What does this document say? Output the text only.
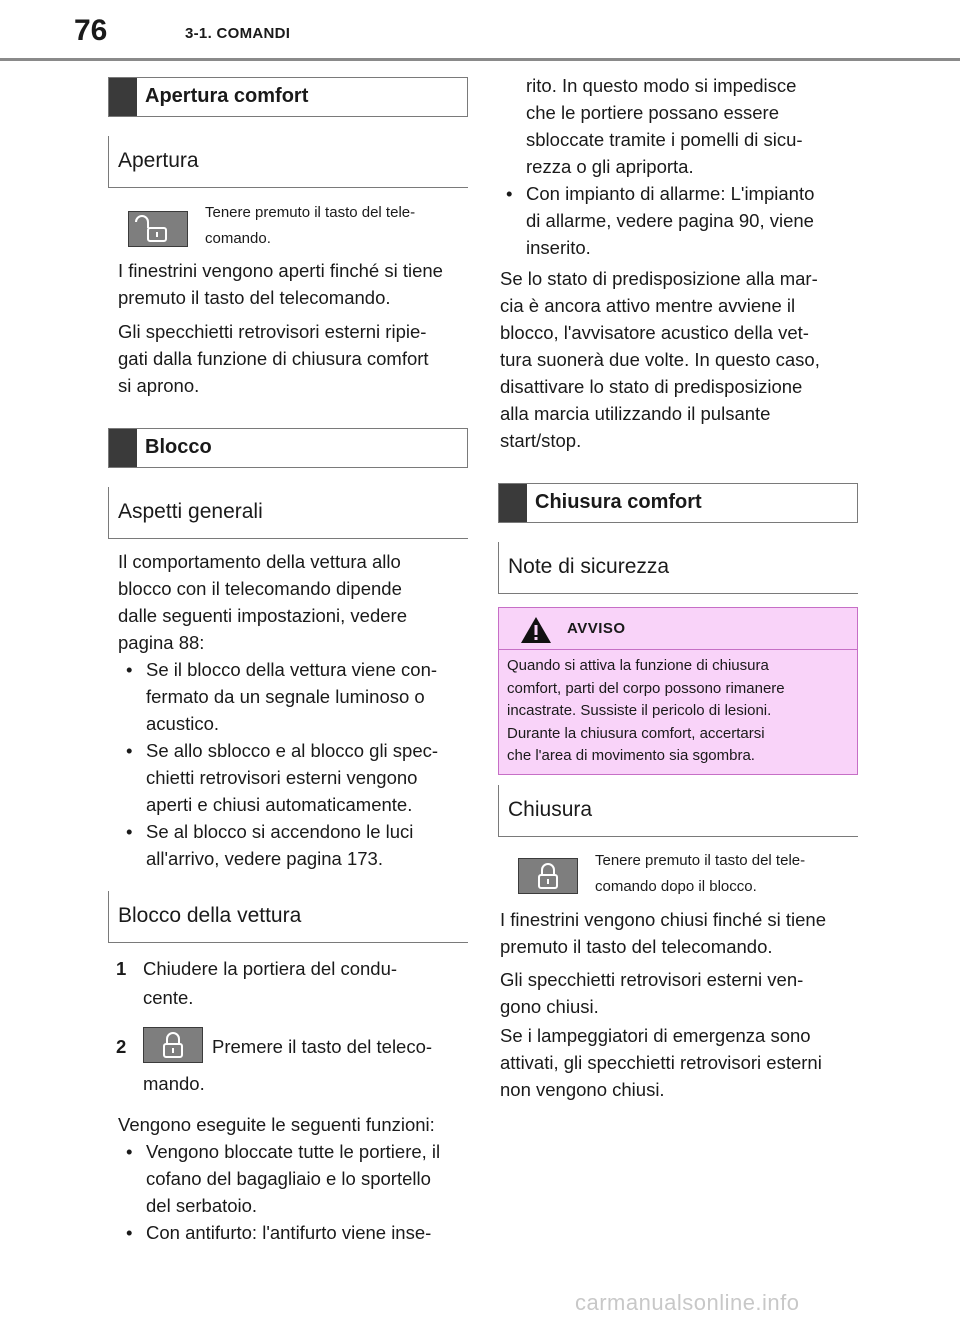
76	3-1. COMANDI
Apertura comfort
Apertura
Tenere premuto il tasto del tele-
comando.
I finestrini vengono aperti finché si tiene
premuto il tasto del telecomando.
Gli specchietti retrovisori esterni ripie-
gati dalla funzione di chiusura comfort
si aprono.
Blocco
Aspetti generali
Il comportamento della vettura allo
blocco con il telecomando dipende
dalle seguenti impostazioni, vedere
pagina 88:
• Se il blocco della vettura viene con-
fermato da un segnale luminoso o
acustico.
• Se allo sblocco e al blocco gli spec-
chietti retrovisori esterni vengono
aperti e chiusi automaticamente.
• Se al blocco si accendono le luci
all'arrivo, vedere pagina 173.
Blocco della vettura
1 Chiudere la portiera del condu-
cente.
2	Premere il tasto del teleco-
mando.
Vengono eseguite le seguenti funzioni:
• Vengono bloccate tutte le portiere, il
cofano del bagagliaio e lo sportello
del serbatoio.
• Con antifurto: l'antifurto viene inse-
rito. In questo modo si impedisce
che le portiere possano essere
sbloccate tramite i pomelli di sicu-
rezza o gli apriporta.
• Con impianto di allarme: L'impianto
di allarme, vedere pagina 90, viene
inserito.
Se lo stato di predisposizione alla mar-
cia è ancora attivo mentre avviene il
blocco, l'avvisatore acustico della vet-
tura suonerà due volte. In questo caso,
disattivare lo stato di predisposizione
alla marcia utilizzando il pulsante
start/stop.
Chiusura comfort
Note di sicurezza
AVVISO
Quando si attiva la funzione di chiusura
comfort, parti del corpo possono rimanere
incastrate. Sussiste il pericolo di lesioni.
Durante la chiusura comfort, accertarsi
che l'area di movimento sia sgombra.
Chiusura
Tenere premuto il tasto del tele-
comando dopo il blocco.
I finestrini vengono chiusi finché si tiene
premuto il tasto del telecomando.
Gli specchietti retrovisori esterni ven-
gono chiusi.
Se i lampeggiatori di emergenza sono
attivati, gli specchietti retrovisori esterni
non vengono chiusi.
carmanualsonline.info
